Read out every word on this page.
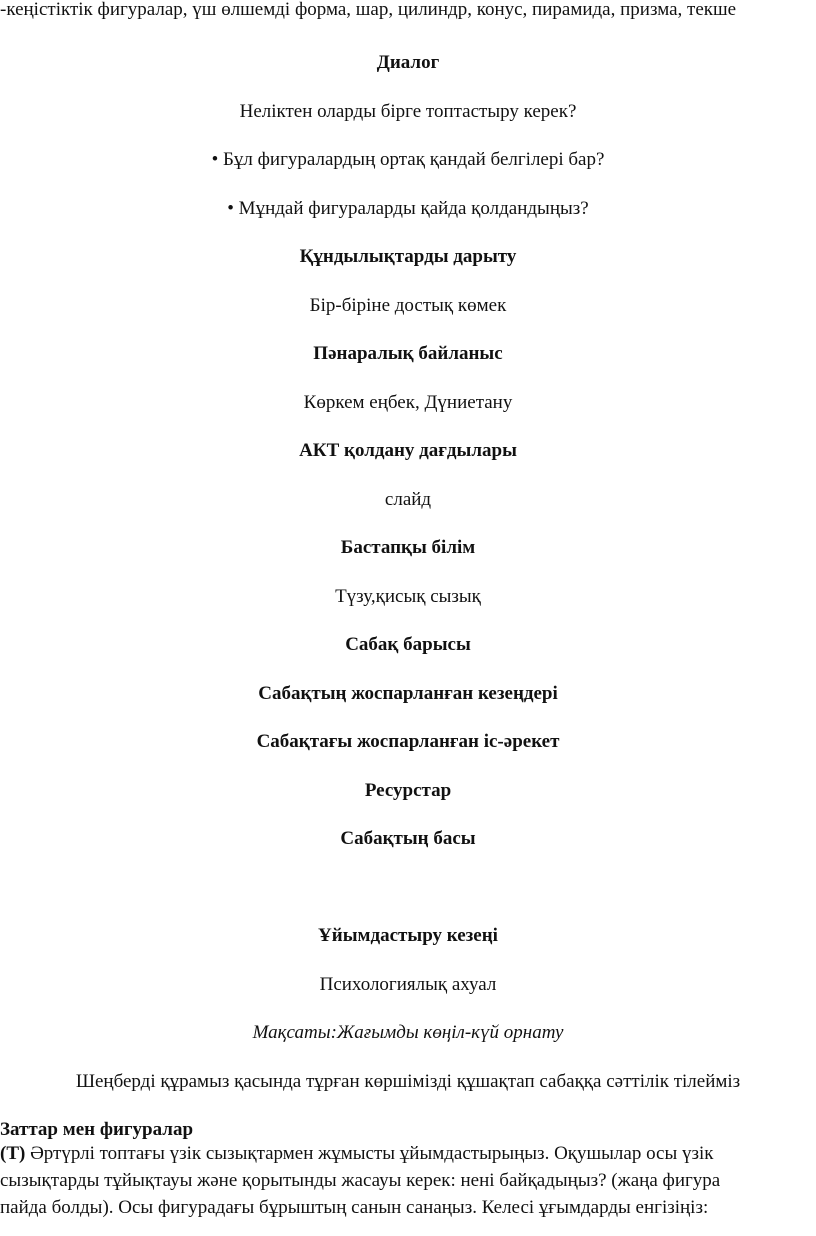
-кеңістіктік фигуралар, үш өлшемді форма, шар, цилиндр, конус, пирамида, призма, текше
Диалог
Неліктен оларды бірге топтастыру керек?
• Бұл фигуралардың ортақ қандай белгілері бар?
• Мұндай фигураларды қайда қолдандыңыз?
Құндылықтарды дарыту
Бір-біріне достық көмек
Пәнаралық байланыс
Көркем еңбек, Дүниетану
АКТ қолдану дағдылары
слайд
Бастапқы білім
Түзу,қисық сызық
Сабақ барысы
Сабақтың жоспарланған кезеңдері
Сабақтағы жоспарланған іс-әрекет
Ресурстар
Сабақтың басы
Ұйымдастыру кезеңі
Психологиялық ахуал
Мақсаты:Жағымды көңіл-күй орнату
Шеңберді құрамыз қасында тұрған көршімізді құшақтап сабаққа сәттілік тілейміз
Заттар мен фигуралар
(Т) Әртүрлі топтағы үзік сызықтармен жұмысты ұйымдастырыңыз. Оқушылар осы үзік
сызықтарды тұйықтауы және қорытынды жасауы керек: нені байқадыңыз? (жаңа фигура
пайда болды). Осы фигурадағы бұрыштың санын санаңыз. Келесі ұғымдарды енгізіңіз:
